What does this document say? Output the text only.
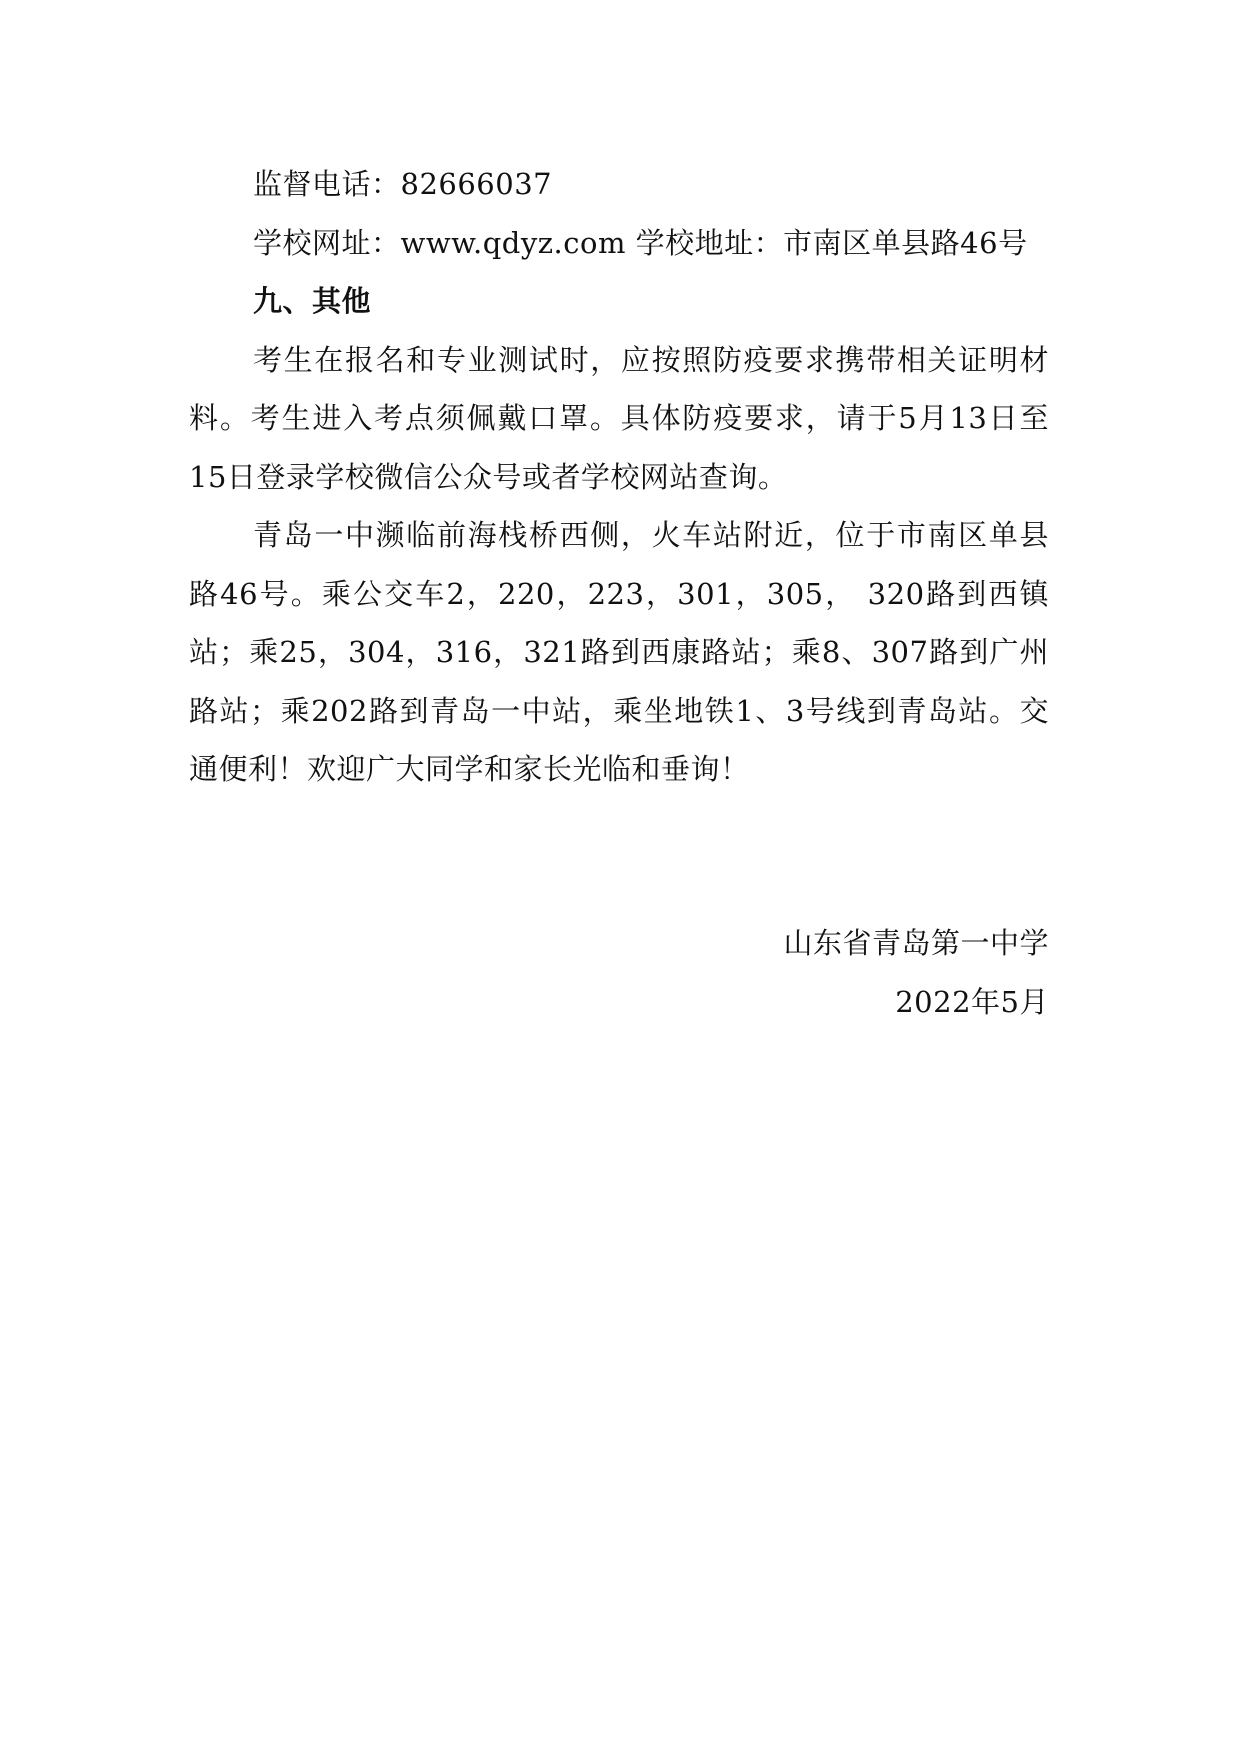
监督电话：82666037

学校网址：www.qdyz.com 学校地址：市南区单县路46号

九、其他

考生在报名和专业测试时，应按照防疫要求携带相关证明材料。考生进入考点须佩戴口罩。具体防疫要求，请于5月13日至15日登录学校微信公众号或者学校网站查询。

青岛一中濒临前海栈桥西侧，火车站附近，位于市南区单县路46号。乘公交车2，220，223，301，305， 320路到西镇站；乘25，304，316，321路到西康路站；乘8、307路到广州路站；乘202路到青岛一中站，乘坐地铁1、3号线到青岛站。交通便利！欢迎广大同学和家长光临和垂询！

山东省青岛第一中学
2022年5月
